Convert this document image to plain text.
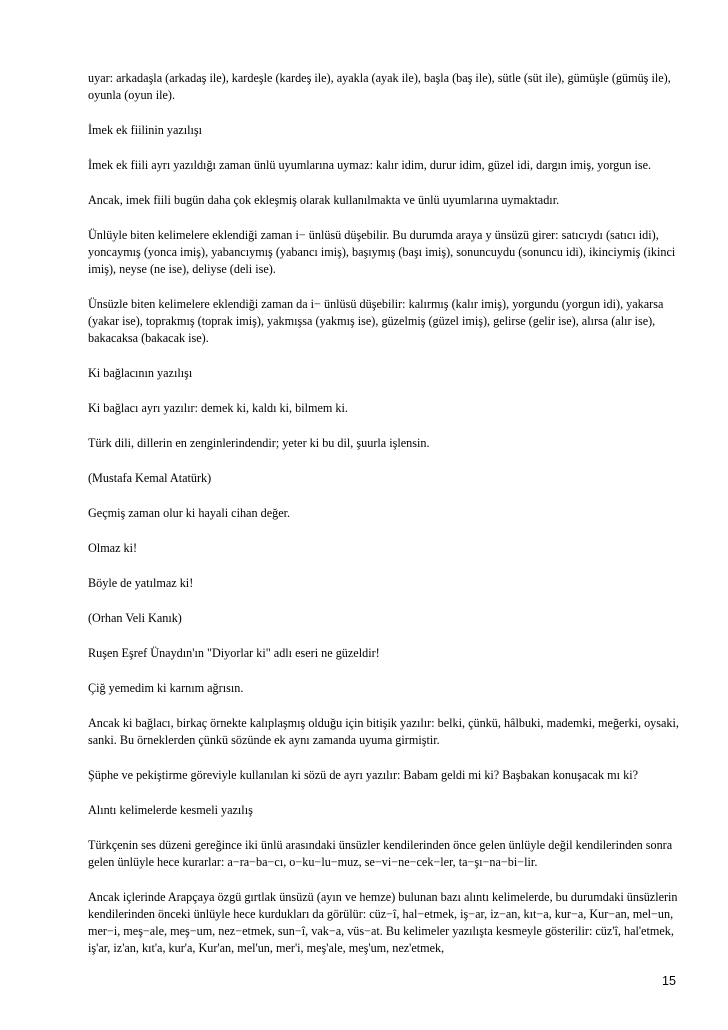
uyar: arkadaşla (arkadaş ile), kardeşle (kardeş ile), ayakla (ayak ile), başla (baş ile), sütle (süt ile), gümüşle (gümüş ile), oyunla (oyun ile).

İmek ek fiilinin yazılışı

İmek ek fiili ayrı yazıldığı zaman ünlü uyumlarına uymaz: kalır idim, durur idim, güzel idi, dargın imiş, yorgun ise.

Ancak, imek fiili bugün daha çok ekleşmiş olarak kullanılmakta ve ünlü uyumlarına uymaktadır.

Ünlüyle biten kelimelere eklendiği zaman i− ünlüsü düşebilir. Bu durumda araya y ünsüzü girer: satıcıydı (satıcı idi), yoncaymış (yonca imiş), yabancıymış (yabancı imiş), başıymış (başı imiş), sonuncuydu (sonuncu idi), ikinciymiş (ikinci imiş), neyse (ne ise), deliyse (deli ise).

Ünsüzle biten kelimelere eklendiği zaman da i− ünlüsü düşebilir: kalırmış (kalır imiş), yorgundu (yorgun idi), yakarsa (yakar ise), toprakmış (toprak imiş), yakmışsa (yakmış ise), güzelmiş (güzel imiş), gelirse (gelir ise), alırsa (alır ise), bakacaksa (bakacak ise).

Ki bağlacının yazılışı

Ki bağlacı ayrı yazılır: demek ki, kaldı ki, bilmem ki.

Türk dili, dillerin en zenginlerindendir; yeter ki bu dil, şuurla işlensin.

(Mustafa Kemal Atatürk)

Geçmiş zaman olur ki hayali cihan değer.

Olmaz ki!

Böyle de yatılmaz ki!

(Orhan Veli Kanık)

Ruşen Eşref Ünaydın'ın "Diyorlar ki" adlı eseri ne güzeldir!

Çiğ yemedim ki karnım ağrısın.

Ancak ki bağlacı, birkaç örnekte kalıplaşmış olduğu için bitişik yazılır: belki, çünkü, hâlbuki, mademki, meğerki, oysaki, sanki. Bu örneklerden çünkü sözünde ek aynı zamanda uyuma girmiştir.

Şüphe ve pekiştirme göreviyle kullanılan ki sözü de ayrı yazılır: Babam geldi mi ki? Başbakan konuşacak mı ki?

Alıntı kelimelerde kesmeli yazılış

Türkçenin ses düzeni gereğince iki ünlü arasındaki ünsüzler kendilerinden önce gelen ünlüyle değil kendilerinden sonra gelen ünlüyle hece kurarlar: a−ra−ba−cı, o−ku−lu−muz, se−vi−ne−cek−ler, ta−şı−na−bi−lir.

Ancak içlerinde Arapçaya özgü gırtlak ünsüzü (ayın ve hemze) bulunan bazı alıntı kelimelerde, bu durumdaki ünsüzlerin kendilerinden önceki ünlüyle hece kurdukları da görülür: cüz−î, hal−etmek, iş−ar, iz−an, kıt−a, kur−a, Kur−an, mel−un, mer−i, meş−ale, meş−um, nez−etmek, sun−î, vak−a, vüs−at. Bu kelimeler yazılışta kesmeyle gösterilir: cüz'î, hal'etmek, iş'ar, iz'an, kıt'a, kur'a, Kur'an, mel'un, mer'i, meş'ale, meş'um, nez'etmek,

15
